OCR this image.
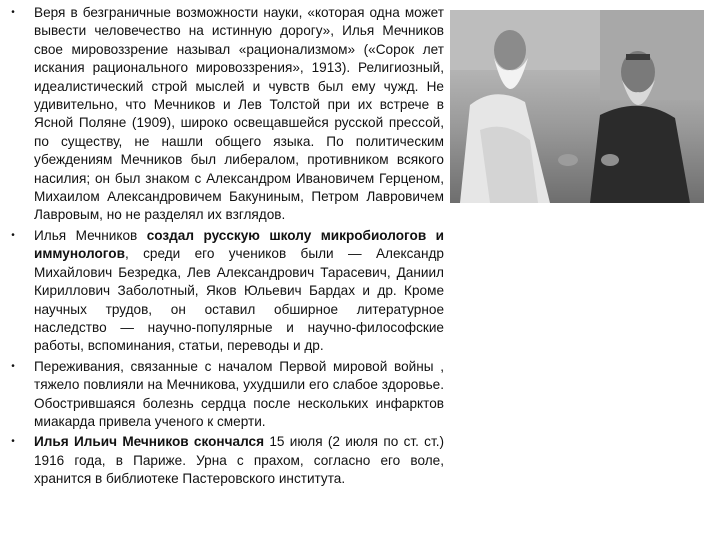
• Веря в безграничные возможности науки, «которая одна может вывести человечество на истинную дорогу», Илья Мечников свое мировоззрение называл «рационализмом» («Сорок лет искания рационального мировоззрения», 1913). Религиозный, идеалистический строй мыслей и чувств был ему чужд. Не удивительно, что Мечников и Лев Толстой при их встрече в Ясной Поляне (1909), широко освещавшейся русской прессой, по существу, не нашли общего языка. По политическим убеждениям Мечников был либералом, противником всякого насилия; он был знаком с Александром Ивановичем Герценом, Михаилом Александровичем Бакуниным, Петром Лавровичем Лавровым, но не разделял их взглядов.
• Илья Мечников создал русскую школу микробиологов и иммунологов, среди его учеников были — Александр Михайлович Безредка, Лев Александрович Тарасевич, Даниил Кириллович Заболотный, Яков Юльевич Бардах и др. Кроме научных трудов, он оставил обширное литературное наследство — научно-популярные и научно-философские работы, вспоминания, статьи, переводы и др.
• Переживания, связанные с началом Первой мировой войны , тяжело повлияли на Мечникова, ухудшили его слабое здоровье. Обострившаяся болезнь сердца после нескольких инфарктов миакарда привела ученого к смерти.
• Илья Ильич Мечников скончался 15 июля (2 июля по ст. ст.) 1916 года, в Париже. Урна с прахом, согласно его воле, хранится в библиотеке Пастеровского института.
